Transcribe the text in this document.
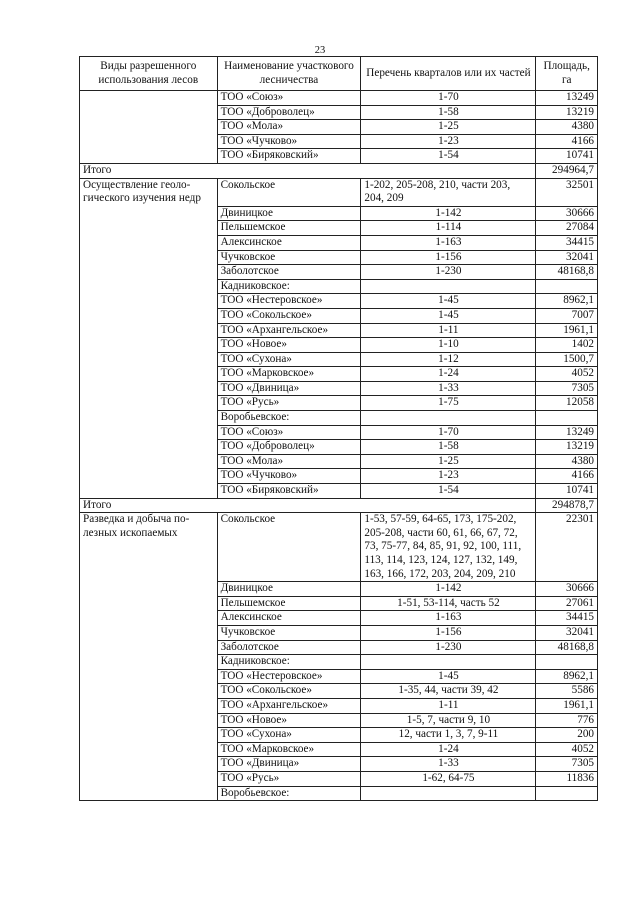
23
Виды разрешенного использования лесов	Наименование участкового лесничества	Перечень кварталов или их частей	Площадь, га
	ТОО «Союз»	1-70	13249
	ТОО «Доброволец»	1-58	13219
	ТОО «Мола»	1-25	4380
	ТОО «Чучково»	1-23	4166
	ТОО «Биряковский»	1-54	10741
Итого			294964,7
Осуществление геологического изучения недр	Сокольское	1-202, 205-208, 210, части 203, 204, 209	32501
	Двиницкое	1-142	30666
	Пельшемское	1-114	27084
	Алексинское	1-163	34415
	Чучковское	1-156	32041
	Заболотское	1-230	48168,8
	Кадниковское:		
	ТОО «Нестеровское»	1-45	8962,1
	ТОО «Сокольское»	1-45	7007
	ТОО «Архангельское»	1-11	1961,1
	ТОО «Новое»	1-10	1402
	ТОО «Сухона»	1-12	1500,7
	ТОО «Марковское»	1-24	4052
	ТОО «Двиница»	1-33	7305
	ТОО «Русь»	1-75	12058
	Воробьевское:		
	ТОО «Союз»	1-70	13249
	ТОО «Доброволец»	1-58	13219
	ТОО «Мола»	1-25	4380
	ТОО «Чучково»	1-23	4166
	ТОО «Биряковский»	1-54	10741
Итого			294878,7
Разведка и добыча полезных ископаемых	Сокольское	1-53, 57-59, 64-65, 173, 175-202, 205-208, части 60, 61, 66, 67, 72, 73, 75-77, 84, 85, 91, 92, 100, 111, 113, 114, 123, 124, 127, 132, 149, 163, 166, 172, 203, 204, 209, 210	22301
	Двиницкое	1-142	30666
	Пельшемское	1-51, 53-114, часть 52	27061
	Алексинское	1-163	34415
	Чучковское	1-156	32041
	Заболотское	1-230	48168,8
	Кадниковское:		
	ТОО «Нестеровское»	1-45	8962,1
	ТОО «Сокольское»	1-35, 44, части 39, 42	5586
	ТОО «Архангельское»	1-11	1961,1
	ТОО «Новое»	1-5, 7, части 9, 10	776
	ТОО «Сухона»	12, части 1, 3, 7, 9-11	200
	ТОО «Марковское»	1-24	4052
	ТОО «Двиница»	1-33	7305
	ТОО «Русь»	1-62, 64-75	11836
	Воробьевское:		
